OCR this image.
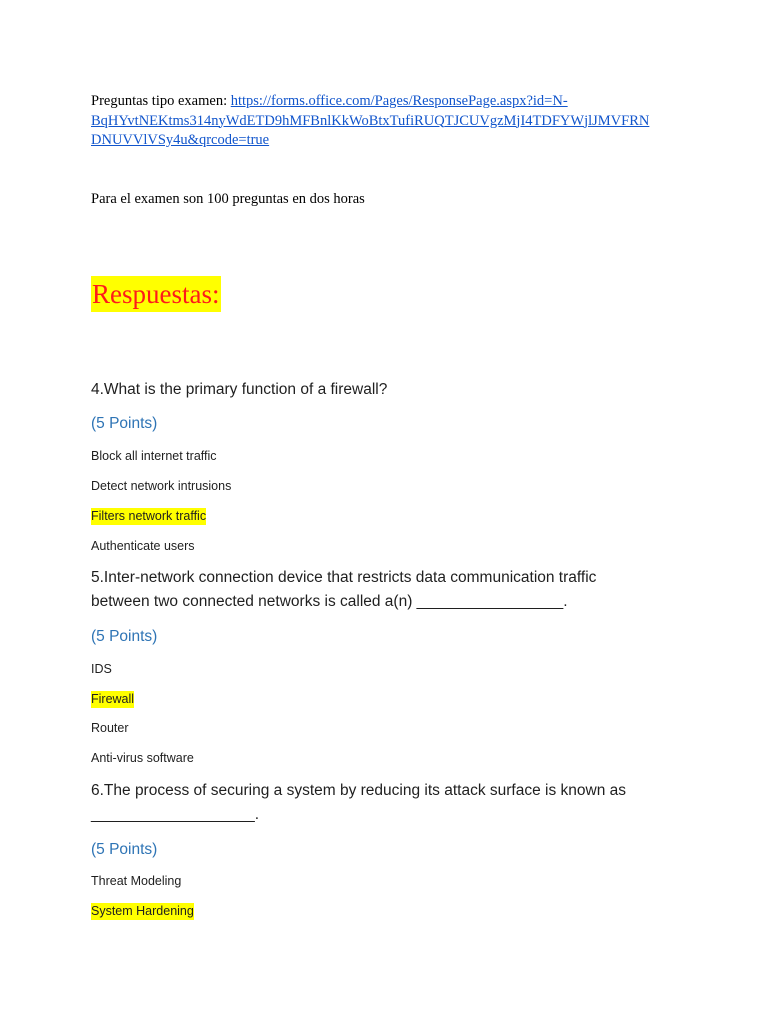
Preguntas tipo examen: https://forms.office.com/Pages/ResponsePage.aspx?id=N-
BqHYvtNEKtms314nyWdETD9hMFBnlKkWoBtxTufiRUQTJCUVgzMjI4TDFYWjlJMVFRN
DNUVVlVSy4u&qrcode=true

Para el examen son 100 preguntas en dos horas

Respuestas:
4.What is the primary function of a firewall?
(5 Points)
Block all internet traffic
Detect network intrusions
Filters network traffic
Authenticate users
5.Inter-network connection device that restricts data communication traffic
between two connected networks is called a(n) _________________.
(5 Points)
IDS
Firewall
Router
Anti-virus software
6.The process of securing a system by reducing its attack surface is known as
___________________.
(5 Points)
Threat Modeling
System Hardening
